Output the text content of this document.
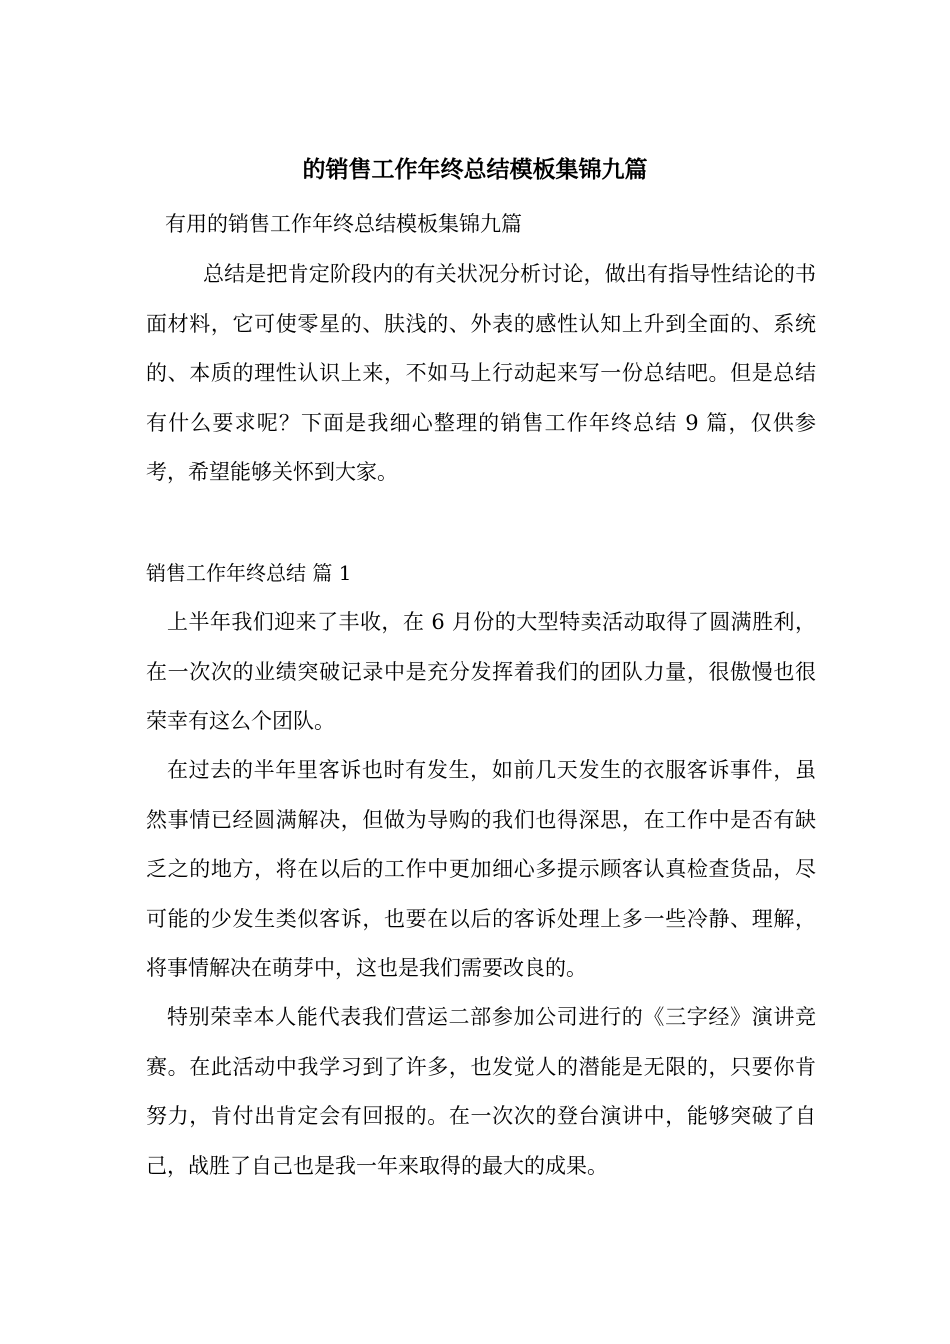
的销售工作年终总结模板集锦九篇

有用的销售工作年终总结模板集锦九篇

总结是把肯定阶段内的有关状况分析讨论，做出有指导性结论的书面材料，它可使零星的、肤浅的、外表的感性认知上升到全面的、系统的、本质的理性认识上来，不如马上行动起来写一份总结吧。但是总结有什么要求呢？下面是我细心整理的销售工作年终总结 9 篇，仅供参考，希望能够关怀到大家。

销售工作年终总结 篇 1

上半年我们迎来了丰收，在 6 月份的大型特卖活动取得了圆满胜利，在一次次的业绩突破记录中是充分发挥着我们的团队力量，很傲慢也很荣幸有这么个团队。

在过去的半年里客诉也时有发生，如前几天发生的衣服客诉事件，虽然事情已经圆满解决，但做为导购的我们也得深思，在工作中是否有缺乏之的地方，将在以后的工作中更加细心多提示顾客认真检查货品，尽可能的少发生类似客诉，也要在以后的客诉处理上多一些冷静、理解，将事情解决在萌芽中，这也是我们需要改良的。

特别荣幸本人能代表我们营运二部参加公司进行的《三字经》演讲竞赛。在此活动中我学习到了许多，也发觉人的潜能是无限的，只要你肯努力，肯付出肯定会有回报的。在一次次的登台演讲中，能够突破了自己，战胜了自己也是我一年来取得的最大的成果。
